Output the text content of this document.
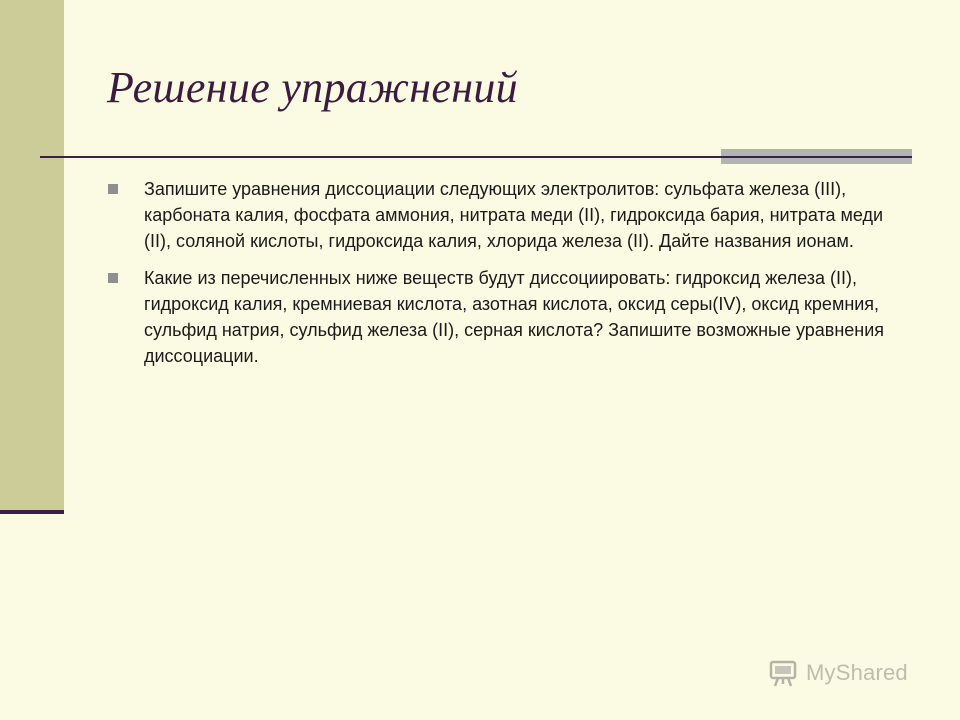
Решение упражнений
Запишите уравнения диссоциации следующих электролитов: сульфата железа (III), карбоната калия, фосфата аммония, нитрата меди (II), гидроксида бария, нитрата меди (II), соляной кислоты, гидроксида калия, хлорида железа (II). Дайте названия ионам.
Какие из перечисленных ниже веществ будут диссоциировать: гидроксид железа (II), гидроксид калия, кремниевая кислота, азотная кислота, оксид серы(IV), оксид кремния, сульфид натрия, сульфид железа (II), серная кислота? Запишите возможные уравнения диссоциации.
MyShared
